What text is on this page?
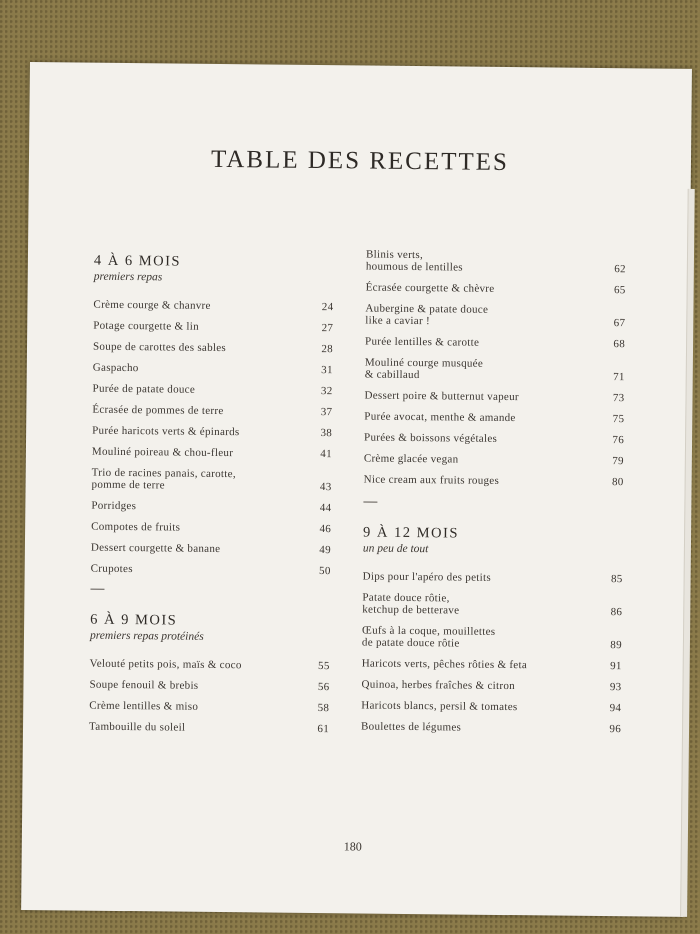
TABLE DES RECETTES
4 À 6 MOIS
premiers repas
Crème courge & chanvre	24
Potage courgette & lin	27
Soupe de carottes des sables	28
Gaspacho	31
Purée de patate douce	32
Écrasée de pommes de terre	37
Purée haricots verts & épinards	38
Mouliné poireau & chou-fleur	41
Trio de racines panais, carotte,
pomme de terre	43
Porridges	44
Compotes de fruits	46
Dessert courgette & banane	49
Crupotes	50
6 À 9 MOIS
premiers repas protéinés
Velouté petits pois, maïs & coco	55
Soupe fenouil & brebis	56
Crème lentilles & miso	58
Tambouille du soleil	61
Blinis verts,
houmous de lentilles	62
Écrasée courgette & chèvre	65
Aubergine & patate douce
like a caviar !	67
Purée lentilles & carotte	68
Mouliné courge musquée
& cabillaud	71
Dessert poire & butternut vapeur	73
Purée avocat, menthe & amande	75
Purées & boissons végétales	76
Crème glacée vegan	79
Nice cream aux fruits rouges	80
9 À 12 MOIS
un peu de tout
Dips pour l'apéro des petits	85
Patate douce rôtie,
ketchup de betterave	86
Œufs à la coque, mouillettes
de patate douce rôtie	89
Haricots verts, pêches rôties & feta	91
Quinoa, herbes fraîches & citron	93
Haricots blancs, persil & tomates	94
Boulettes de légumes	96
180
